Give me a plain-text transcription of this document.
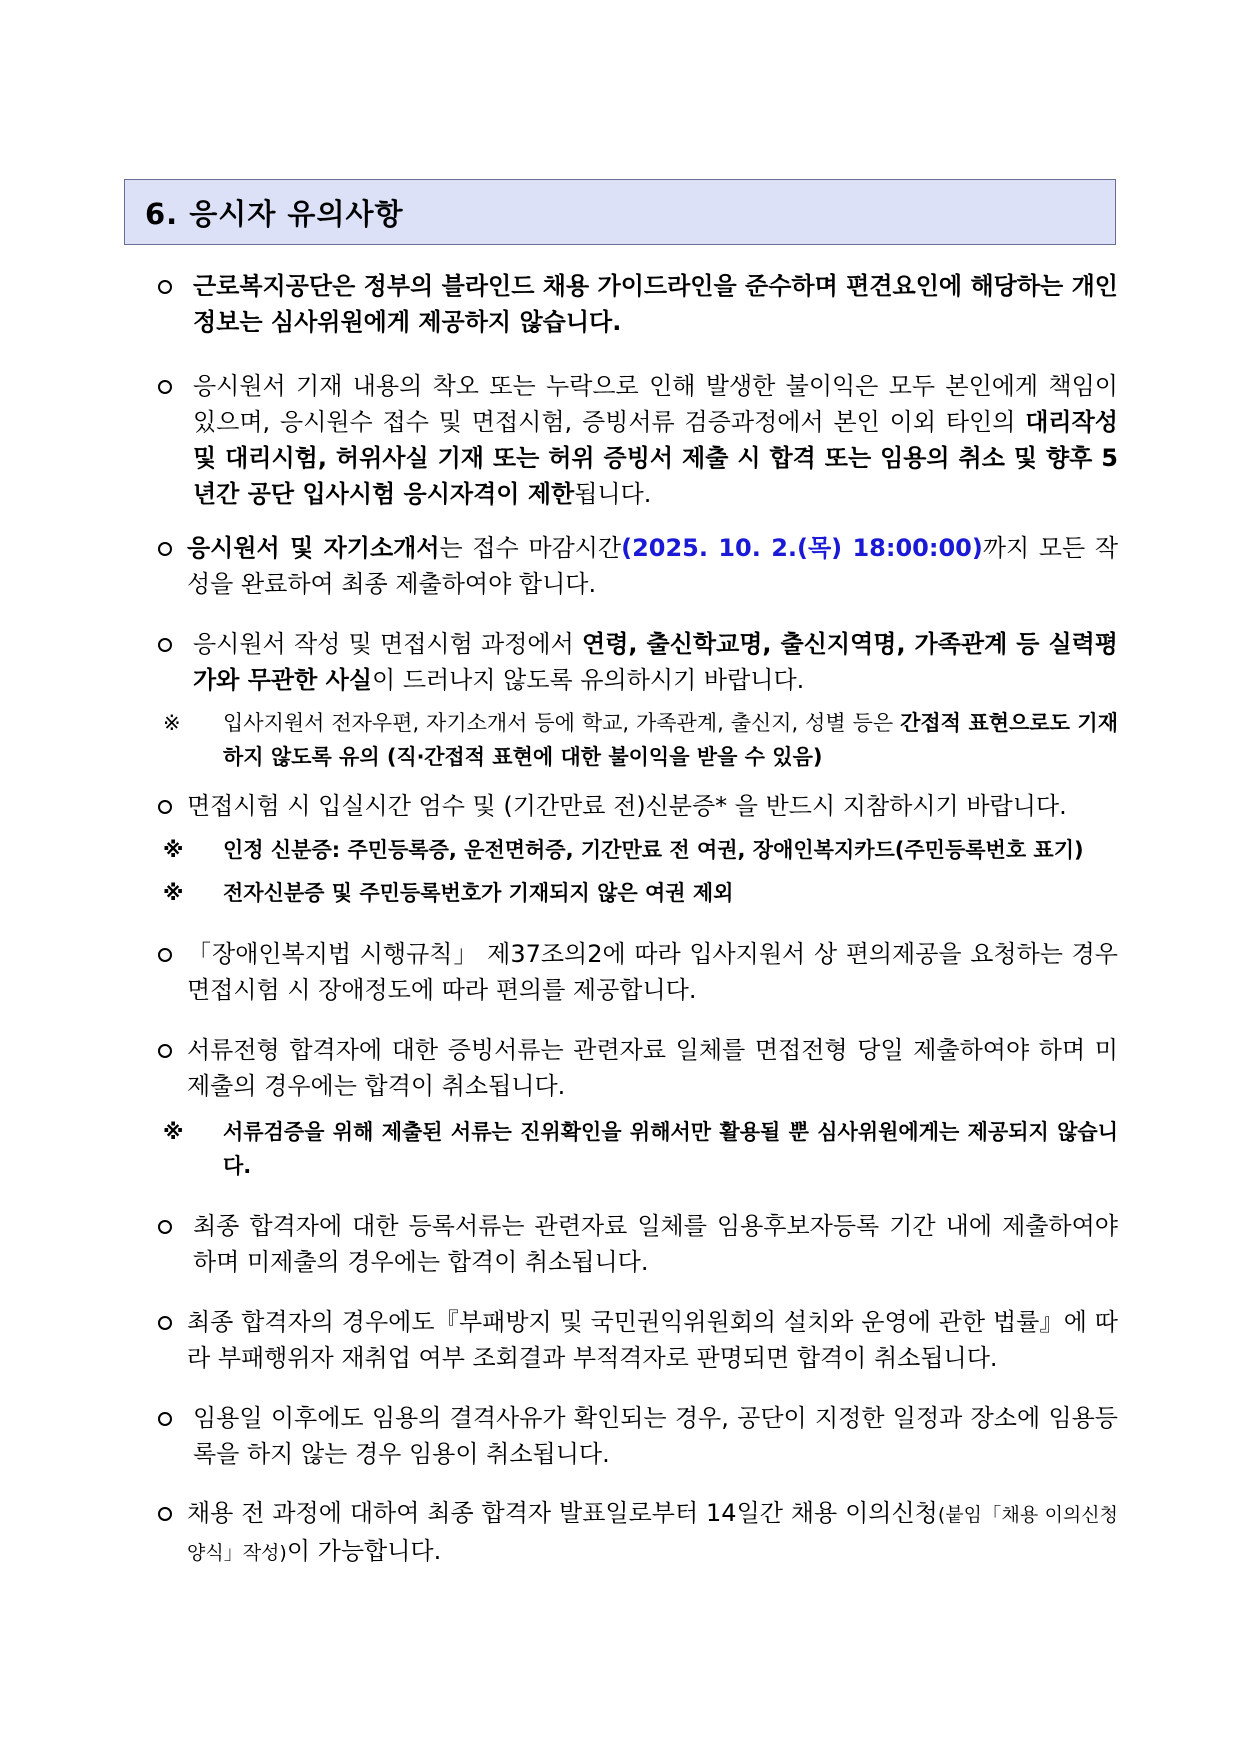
6. 응시자 유의사항
근로복지공단은 정부의 블라인드 채용 가이드라인을 준수하며 편견요인에 해당하는 개인정보는 심사위원에게 제공하지 않습니다.
응시원서 기재 내용의 착오 또는 누락으로 인해 발생한 불이익은 모두 본인에게 책임이 있으며, 응시원수 접수 및 면접시험, 증빙서류 검증과정에서 본인 이외 타인의 대리작성 및 대리시험, 허위사실 기재 또는 허위 증빙서 제출 시 합격 또는 임용의 취소 및 향후 5년간 공단 입사시험 응시자격이 제한됩니다.
응시원서 및 자기소개서는 접수 마감시간(2025. 10. 2.(목) 18:00:00)까지 모든 작성을 완료하여 최종 제출하여야 합니다.
응시원서 작성 및 면접시험 과정에서 연령, 출신학교명, 출신지역명, 가족관계 등 실력평가와 무관한 사실이 드러나지 않도록 유의하시기 바랍니다.
※ 입사지원서 전자우편, 자기소개서 등에 학교, 가족관계, 출신지, 성별 등은 간접적 표현으로도 기재하지 않도록 유의 (직‧간접적 표현에 대한 불이익을 받을 수 있음)
면접시험 시 입실시간 엄수 및 (기간만료 전)신분증* 을 반드시 지참하시기 바랍니다.
※ 인정 신분증: 주민등록증, 운전면허증, 기간만료 전 여권, 장애인복지카드(주민등록번호 표기)
※ 전자신분증 및 주민등록번호가 기재되지 않은 여권 제외
「장애인복지법 시행규칙」 제37조의2에 따라 입사지원서 상 편의제공을 요청하는 경우 면접시험 시 장애정도에 따라 편의를 제공합니다.
서류전형 합격자에 대한 증빙서류는 관련자료 일체를 면접전형 당일 제출하여야 하며 미제출의 경우에는 합격이 취소됩니다.
※ 서류검증을 위해 제출된 서류는 진위확인을 위해서만 활용될 뿐 심사위원에게는 제공되지 않습니다.
최종 합격자에 대한 등록서류는 관련자료 일체를 임용후보자등록 기간 내에 제출하여야 하며 미제출의 경우에는 합격이 취소됩니다.
최종 합격자의 경우에도『부패방지 및 국민권익위원회의 설치와 운영에 관한 법률』에 따라 부패행위자 재취업 여부 조회결과 부적격자로 판명되면 합격이 취소됩니다.
임용일 이후에도 임용의 결격사유가 확인되는 경우, 공단이 지정한 일정과 장소에 임용등록을 하지 않는 경우 임용이 취소됩니다.
채용 전 과정에 대하여 최종 합격자 발표일로부터 14일간 채용 이의신청(붙임「채용 이의신청 양식」작성)이 가능합니다.
